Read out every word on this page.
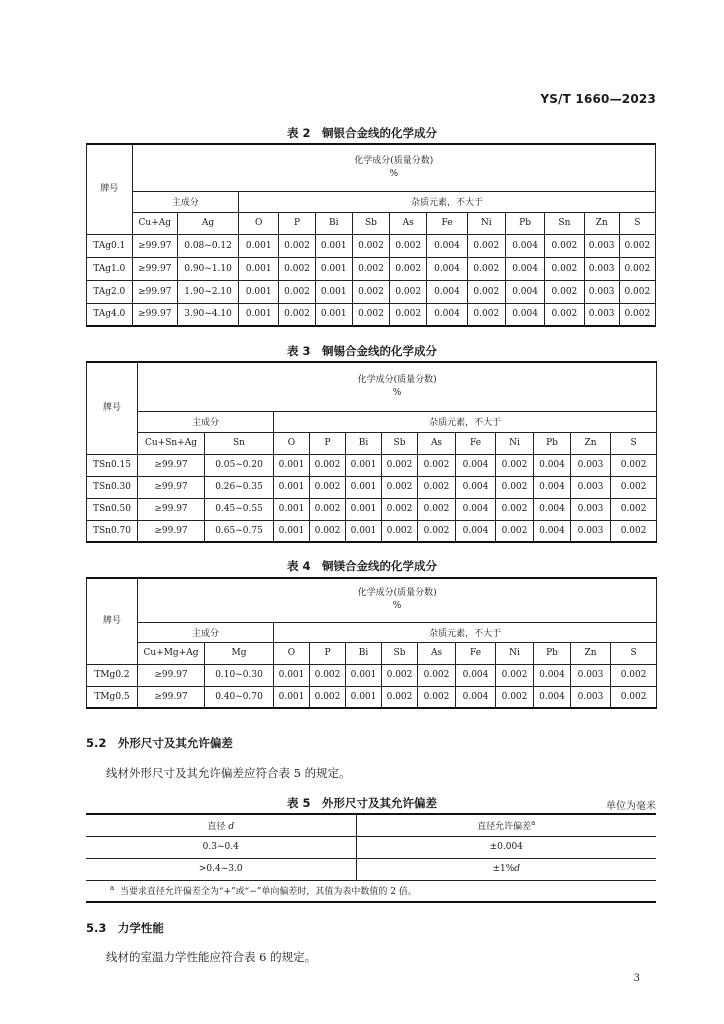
YS/T 1660—2023
表 2　铜银合金线的化学成分
牌号	化学成分(质量分数)
%												

	主成分		杂质元素，不大于										
	Cu+Ag	Ag	O	P	Bi	Sb	As	Fe	Ni	Pb	Sn	Zn	S
TAg0.1	≥99.97	0.08~0.12	0.001	0.002	0.001	0.002	0.002	0.004	0.002	0.004	0.002	0.003	0.002
TAg1.0	≥99.97	0.90~1.10	0.001	0.002	0.001	0.002	0.002	0.004	0.002	0.004	0.002	0.003	0.002
TAg2.0	≥99.97	1.90~2.10	0.001	0.002	0.001	0.002	0.002	0.004	0.002	0.004	0.002	0.003	0.002
TAg4.0	≥99.97	3.90~4.10	0.001	0.002	0.001	0.002	0.002	0.004	0.002	0.004	0.002	0.003	0.002
表 3　铜锡合金线的化学成分
牌号	化学成分(质量分数)
%											

	主成分		杂质元素，不大于									
	Cu+Sn+Ag	Sn	O	P	Bi	Sb	As	Fe	Ni	Pb	Zn	S
TSn0.15	≥99.97	0.05~0.20	0.001	0.002	0.001	0.002	0.002	0.004	0.002	0.004	0.003	0.002
TSn0.30	≥99.97	0.26~0.35	0.001	0.002	0.001	0.002	0.002	0.004	0.002	0.004	0.003	0.002
TSn0.50	≥99.97	0.45~0.55	0.001	0.002	0.001	0.002	0.002	0.004	0.002	0.004	0.003	0.002
TSn0.70	≥99.97	0.65~0.75	0.001	0.002	0.001	0.002	0.002	0.004	0.002	0.004	0.003	0.002
表 4　铜镁合金线的化学成分
牌号	化学成分(质量分数)
%											

	主成分		杂质元素，不大于									
	Cu+Mg+Ag	Mg	O	P	Bi	Sb	As	Fe	Ni	Pb	Zn	S
TMg0.2	≥99.97	0.10~0.30	0.001	0.002	0.001	0.002	0.002	0.004	0.002	0.004	0.003	0.002
TMg0.5	≥99.97	0.40~0.70	0.001	0.002	0.001	0.002	0.002	0.004	0.002	0.004	0.003	0.002
5.2　外形尺寸及其允许偏差
线材外形尺寸及其允许偏差应符合表 5 的规定。
表 5　外形尺寸及其允许偏差	单位为毫米
直径 d	直径允许偏差$^a$
0.3~0.4	±0.004
>0.4~3.0	±1%d
$^a$ 当要求直径允许偏差全为“+”或“−”单向偏差时，其值为表中数值的 2 倍。	
5.3　力学性能
线材的室温力学性能应符合表 6 的规定。
3
